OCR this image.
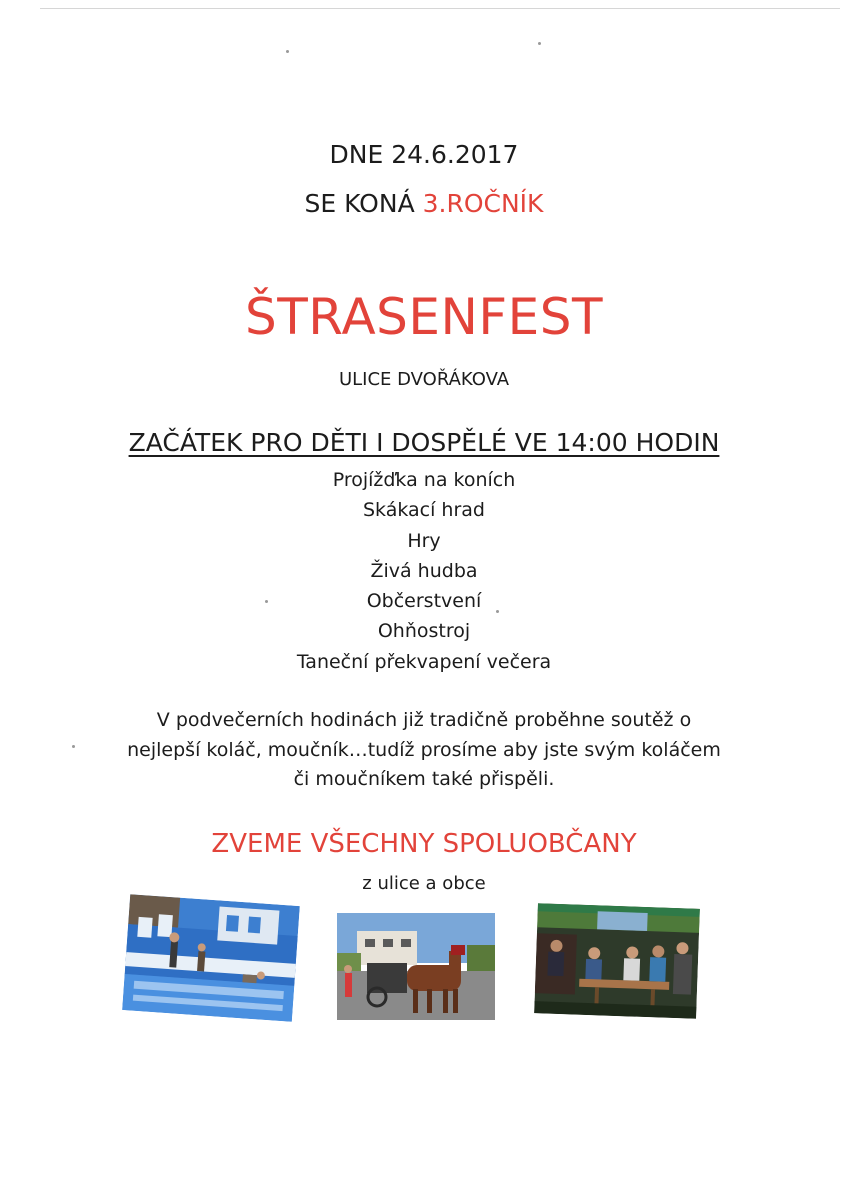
DNE 24.6.2017
SE KONÁ 3.ROČNÍK
ŠTRASENFEST
ULICE DVOŘÁKOVA
ZAČÁTEK PRO DĚTI I DOSPĚLÉ VE 14:00 HODIN
Projížďka na koních
Skákací hrad
Hry
Živá hudba
Občerstvení
Ohňostroj
Taneční překvapení večera
V podvečerních hodinách již tradičně proběhne soutěž o
nejlepší koláč, moučník…tudíž prosíme aby jste svým koláčem
či moučníkem také přispěli.
ZVEME VŠECHNY SPOLUOBČANY
z ulice a obce
